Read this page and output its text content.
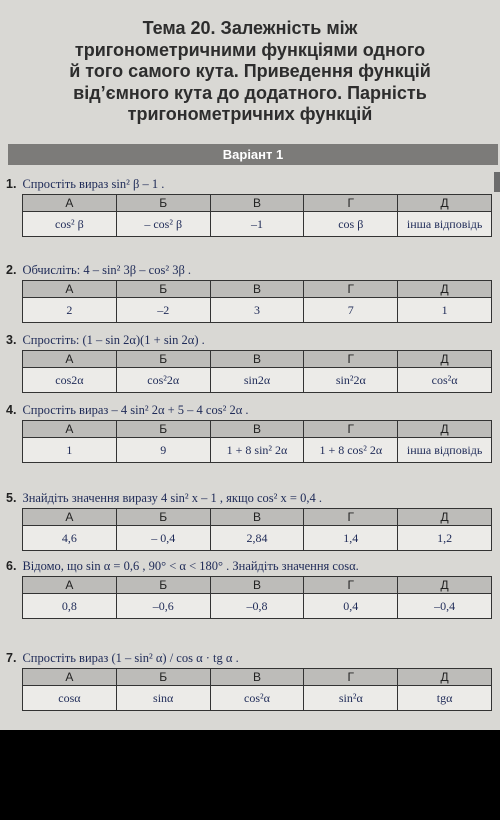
Тема 20. Залежність між
тригонометричними функціями одного
й того самого кута. Приведення функцій
від’ємного кута до додатного. Парність
тригонометричних функцій
Варіант 1
1. Спростіть вираз sin² β – 1 .
А	Б	В	Г	Д
cos² β	– cos² β	–1	cos β	інша відповідь
2. Обчисліть: 4 – sin² 3β – cos² 3β .
А	Б	В	Г	Д
2	–2	3	7	1
3. Спростіть: (1 – sin 2α)(1 + sin 2α) .
А	Б	В	Г	Д
cos2α	cos²2α	sin2α	sin²2α	cos²α
4. Спростіть вираз – 4 sin² 2α + 5 – 4 cos² 2α .
А	Б	В	Г	Д
1	9	1 + 8 sin² 2α	1 + 8 cos² 2α	інша відповідь
5. Знайдіть значення виразу 4 sin² x – 1 , якщо cos² x = 0,4 .
А	Б	В	Г	Д
4,6	– 0,4	2,84	1,4	1,2
6. Відомо, що sin α = 0,6 , 90° < α < 180° . Знайдіть значення cosα.
А	Б	В	Г	Д
0,8	–0,6	–0,8	0,4	–0,4
7. Спростіть вираз (1 – sin² α) / cos α · tg α .
А	Б	В	Г	Д
cosα	sinα	cos²α	sin²α	tgα
